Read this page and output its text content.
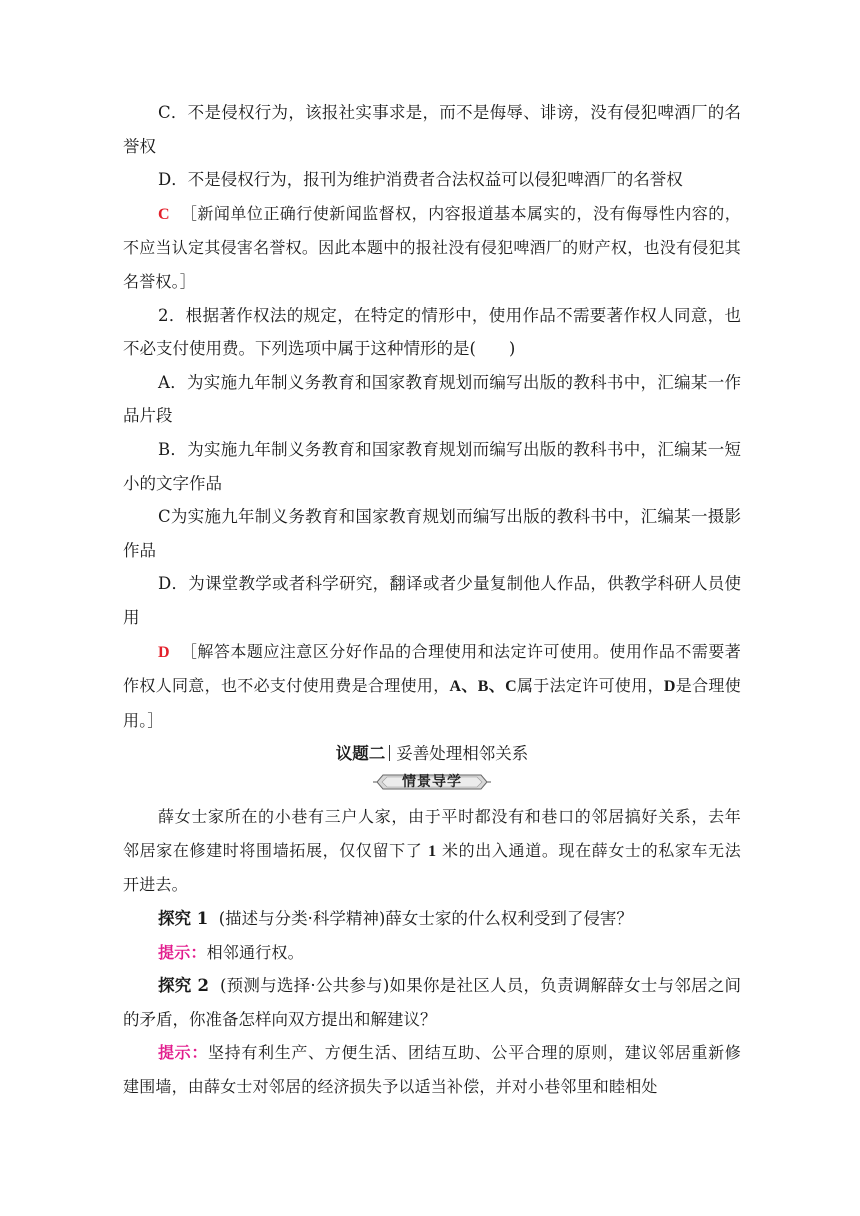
C．不是侵权行为，该报社实事求是，而不是侮辱、诽谤，没有侵犯啤酒厂的名誉权

D．不是侵权行为，报刊为维护消费者合法权益可以侵犯啤酒厂的名誉权

C ［新闻单位正确行使新闻监督权，内容报道基本属实的，没有侮辱性内容的，不应当认定其侵害名誉权。因此本题中的报社没有侵犯啤酒厂的财产权，也没有侵犯其名誉权。］

2．根据著作权法的规定，在特定的情形中，使用作品不需要著作权人同意，也不必支付使用费。下列选项中属于这种情形的是(　　)

A．为实施九年制义务教育和国家教育规划而编写出版的教科书中，汇编某一作品片段

B．为实施九年制义务教育和国家教育规划而编写出版的教科书中，汇编某一短小的文字作品

C为实施九年制义务教育和国家教育规划而编写出版的教科书中，汇编某一摄影作品

D．为课堂教学或者科学研究，翻译或者少量复制他人作品，供教学科研人员使用

D ［解答本题应注意区分好作品的合理使用和法定许可使用。使用作品不需要著作权人同意，也不必支付使用费是合理使用，A、B、C属于法定许可使用，D是合理使用。］

议题二 妥善处理相邻关系

情景导学

薛女士家所在的小巷有三户人家，由于平时都没有和巷口的邻居搞好关系，去年邻居家在修建时将围墙拓展，仅仅留下了 1 米的出入通道。现在薛女士的私家车无法开进去。

探究 1 (描述与分类·科学精神)薛女士家的什么权利受到了侵害？

提示：相邻通行权。

探究 2 (预测与选择·公共参与)如果你是社区人员，负责调解薛女士与邻居之间的矛盾，你准备怎样向双方提出和解建议？

提示：坚持有利生产、方便生活、团结互助、公平合理的原则，建议邻居重新修建围墙，由薛女士对邻居的经济损失予以适当补偿，并对小巷邻里和睦相处
